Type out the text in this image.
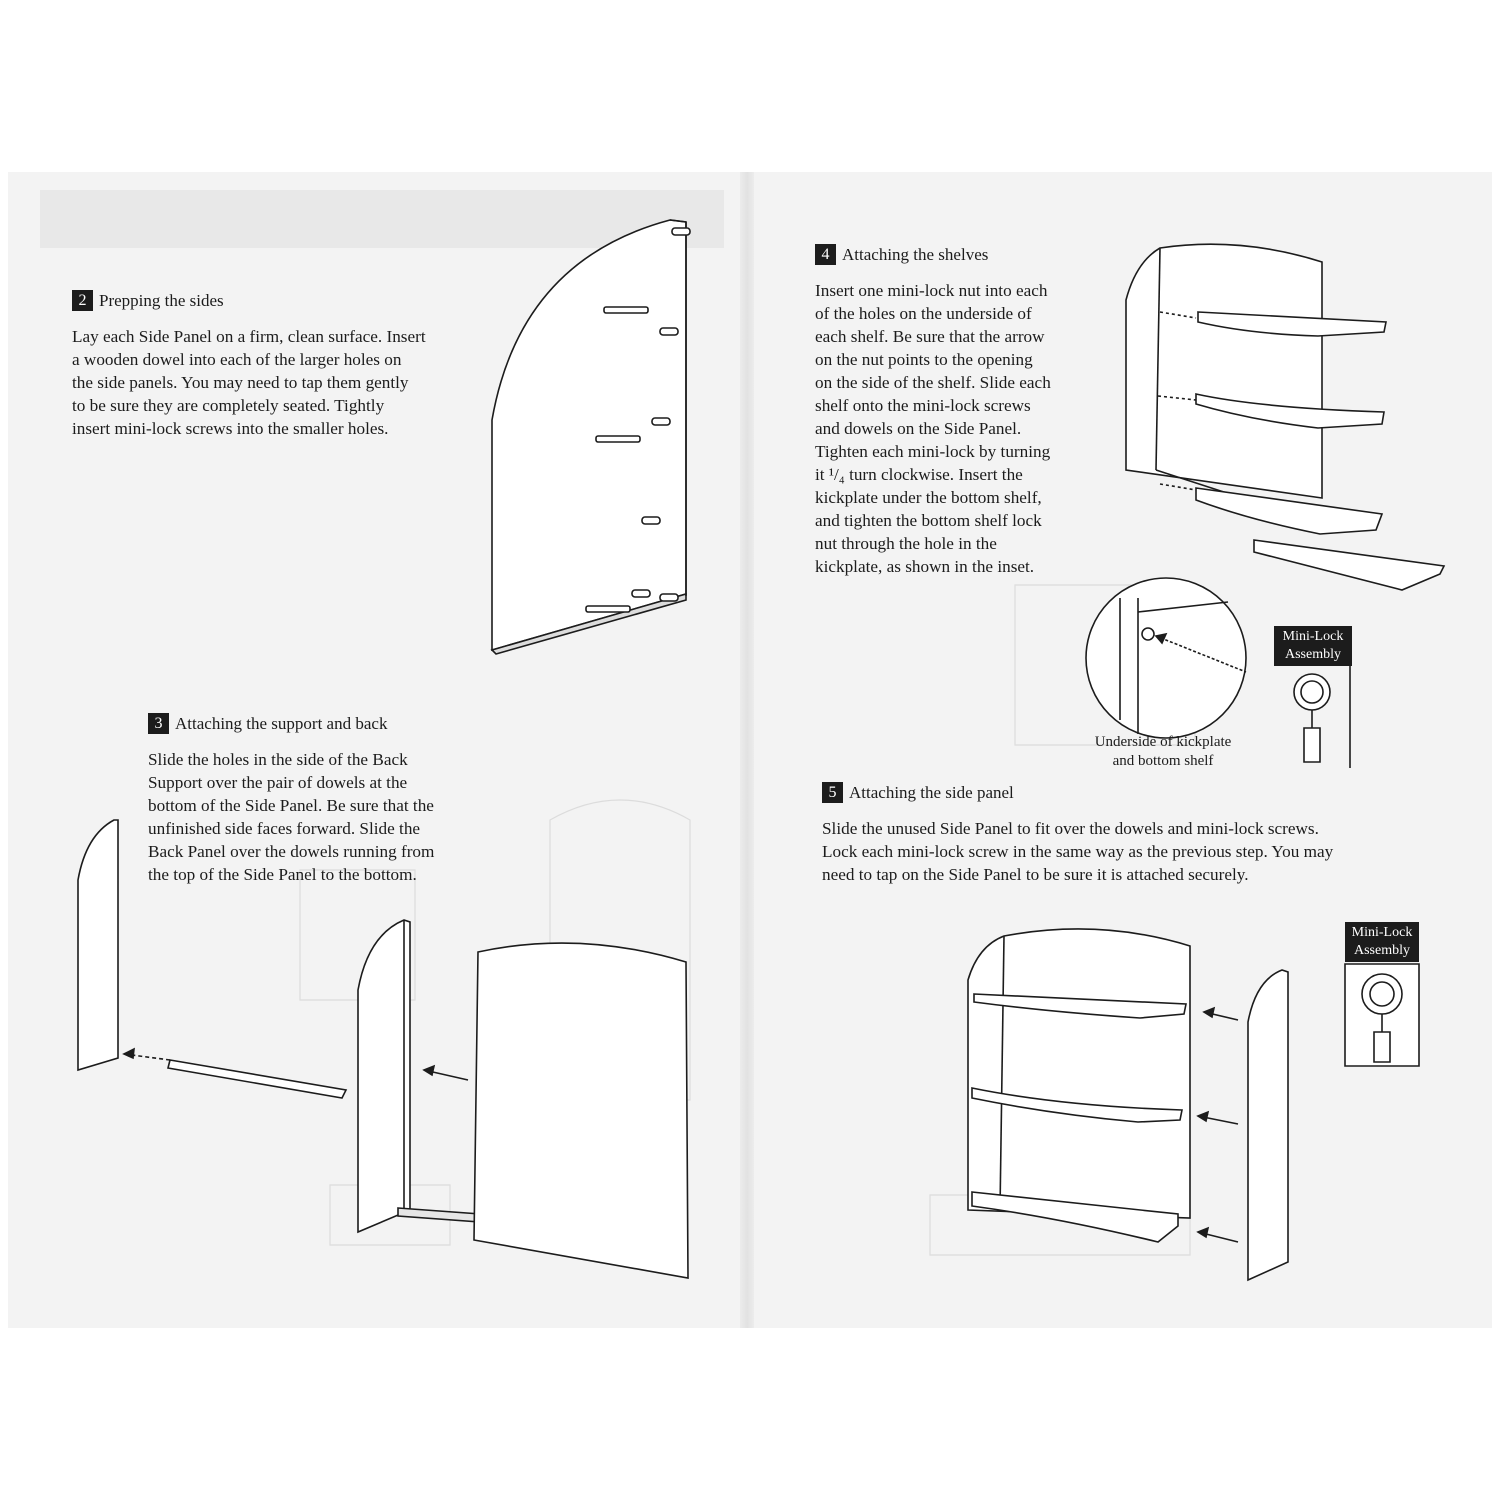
2 Prepping the sides

Lay each Side Panel on a firm, clean surface. Insert
a wooden dowel into each of the larger holes on
the side panels. You may need to tap them gently
to be sure they are completely seated. Tightly
insert mini-lock screws into the smaller holes.

3 Attaching the support and back

Slide the holes in the side of the Back
Support over the pair of dowels at the
bottom of the Side Panel. Be sure that the
unfinished side faces forward. Slide the
Back Panel over the dowels running from
the top of the Side Panel to the bottom.

4 Attaching the shelves

Insert one mini-lock nut into each
of the holes on the underside of
each shelf. Be sure that the arrow
on the nut points to the opening
on the side of the shelf. Slide each
shelf onto the mini-lock screws
and dowels on the Side Panel.
Tighten each mini-lock by turning
it ¹/₄ turn clockwise. Insert the
kickplate under the bottom shelf,
and tighten the bottom shelf lock
nut through the hole in the
kickplate, as shown in the inset.

Underside of kickplate
and bottom shelf
Mini-Lock
Assembly
5 Attaching the side panel

Slide the unused Side Panel to fit over the dowels and mini-lock screws.
Lock each mini-lock screw in the same way as the previous step. You may
need to tap on the Side Panel to be sure it is attached securely.

Mini-Lock
Assembly
